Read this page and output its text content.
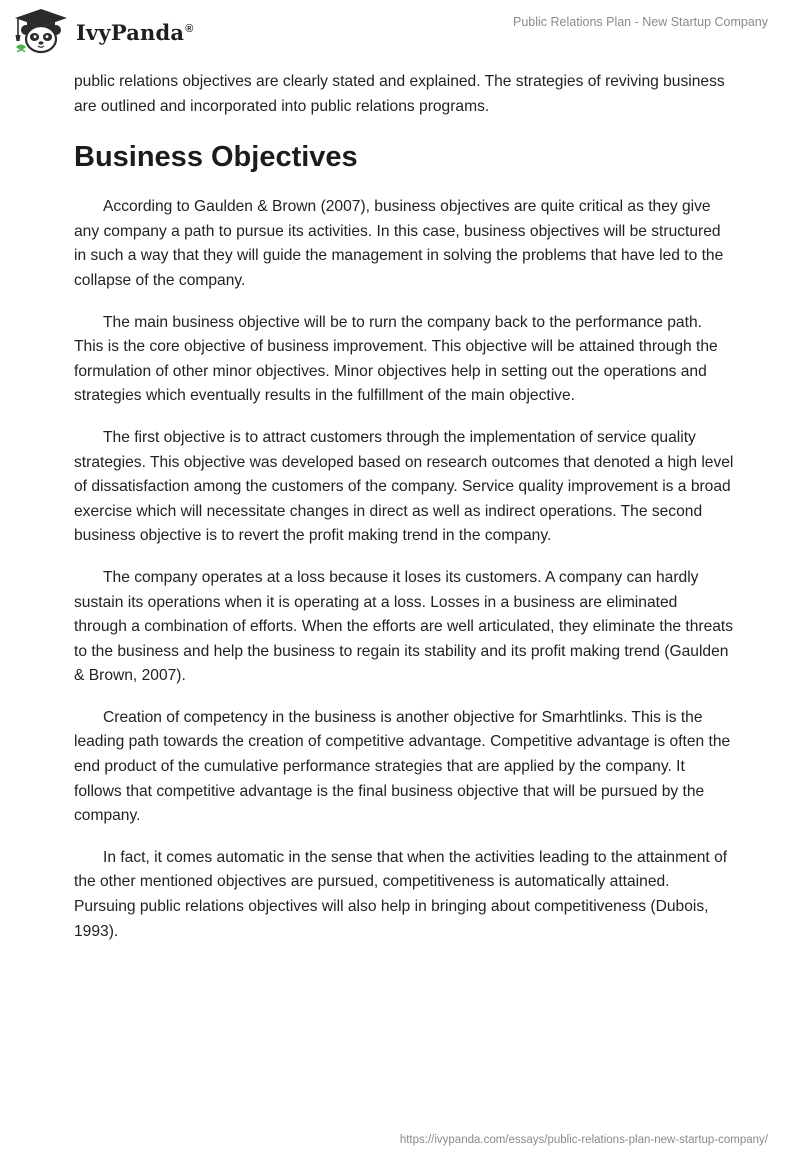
IvyPanda®	Public Relations Plan - New Startup Company

public relations objectives are clearly stated and explained. The strategies of reviving business are outlined and incorporated into public relations programs.

Business Objectives

According to Gaulden & Brown (2007), business objectives are quite critical as they give any company a path to pursue its activities. In this case, business objectives will be structured in such a way that they will guide the management in solving the problems that have led to the collapse of the company.

The main business objective will be to rurn the company back to the performance path. This is the core objective of business improvement. This objective will be attained through the formulation of other minor objectives. Minor objectives help in setting out the operations and strategies which eventually results in the fulfillment of the main objective.

The first objective is to attract customers through the implementation of service quality strategies. This objective was developed based on research outcomes that denoted a high level of dissatisfaction among the customers of the company. Service quality improvement is a broad exercise which will necessitate changes in direct as well as indirect operations. The second business objective is to revert the profit making trend in the company.

The company operates at a loss because it loses its customers. A company can hardly sustain its operations when it is operating at a loss. Losses in a business are eliminated through a combination of efforts. When the efforts are well articulated, they eliminate the threats to the business and help the business to regain its stability and its profit making trend (Gaulden & Brown, 2007).

Creation of competency in the business is another objective for Smarhtlinks. This is the leading path towards the creation of competitive advantage. Competitive advantage is often the end product of the cumulative performance strategies that are applied by the company. It follows that competitive advantage is the final business objective that will be pursued by the company.

In fact, it comes automatic in the sense that when the activities leading to the attainment of the other mentioned objectives are pursued, competitiveness is automatically attained. Pursuing public relations objectives will also help in bringing about competitiveness (Dubois, 1993).

https://ivypanda.com/essays/public-relations-plan-new-startup-company/
